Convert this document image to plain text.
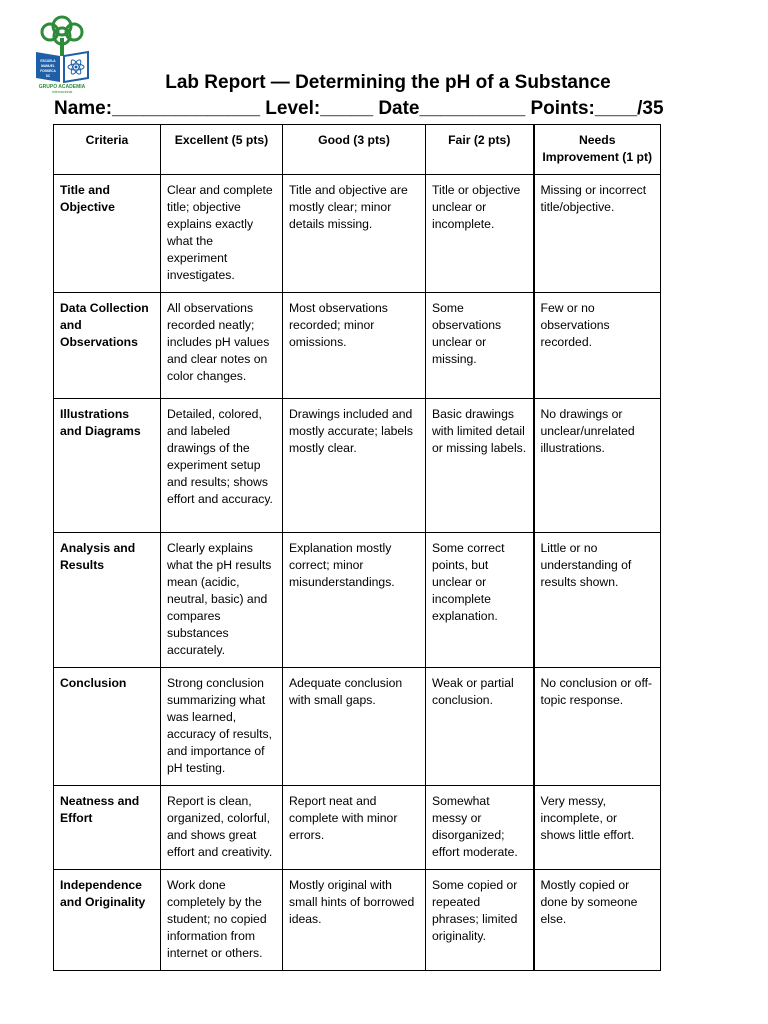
ESCUELA
MANUEL
FONSECA
SC
GRUPO ACADEMIA
Internacional	Lab Report — Determining the pH of a Substance
Name:______________ Level:_____ Date__________ Points:____/35
Criteria	Excellent (5 pts)	Good (3 pts)	Fair (2 pts)	Needs Improvement (1 pt)
Title and Objective	Clear and complete title; objective explains exactly what the experiment investigates.	Title and objective are mostly clear; minor details missing.	Title or objective unclear or incomplete.	Missing or incorrect title/objective.
Data Collection and Observations	All observations recorded neatly; includes pH values and clear notes on color changes.	Most observations recorded; minor omissions.	Some observations unclear or missing.	Few or no observations recorded.
Illustrations and Diagrams	Detailed, colored, and labeled drawings of the experiment setup and results; shows effort and accuracy.	Drawings included and mostly accurate; labels mostly clear.	Basic drawings with limited detail or missing labels.	No drawings or unclear/unrelated illustrations.
Analysis and Results	Clearly explains what the pH results mean (acidic, neutral, basic) and compares substances accurately.	Explanation mostly correct; minor misunderstandings.	Some correct points, but unclear or incomplete explanation.	Little or no understanding of results shown.
Conclusion	Strong conclusion summarizing what was learned, accuracy of results, and importance of pH testing.	Adequate conclusion with small gaps.	Weak or partial conclusion.	No conclusion or off-topic response.
Neatness and Effort	Report is clean, organized, colorful, and shows great effort and creativity.	Report neat and complete with minor errors.	Somewhat messy or disorganized; effort moderate.	Very messy, incomplete, or shows little effort.
Independence and Originality	Work done completely by the student; no copied information from internet or others.	Mostly original with small hints of borrowed ideas.	Some copied or repeated phrases; limited originality.	Mostly copied or done by someone else.
